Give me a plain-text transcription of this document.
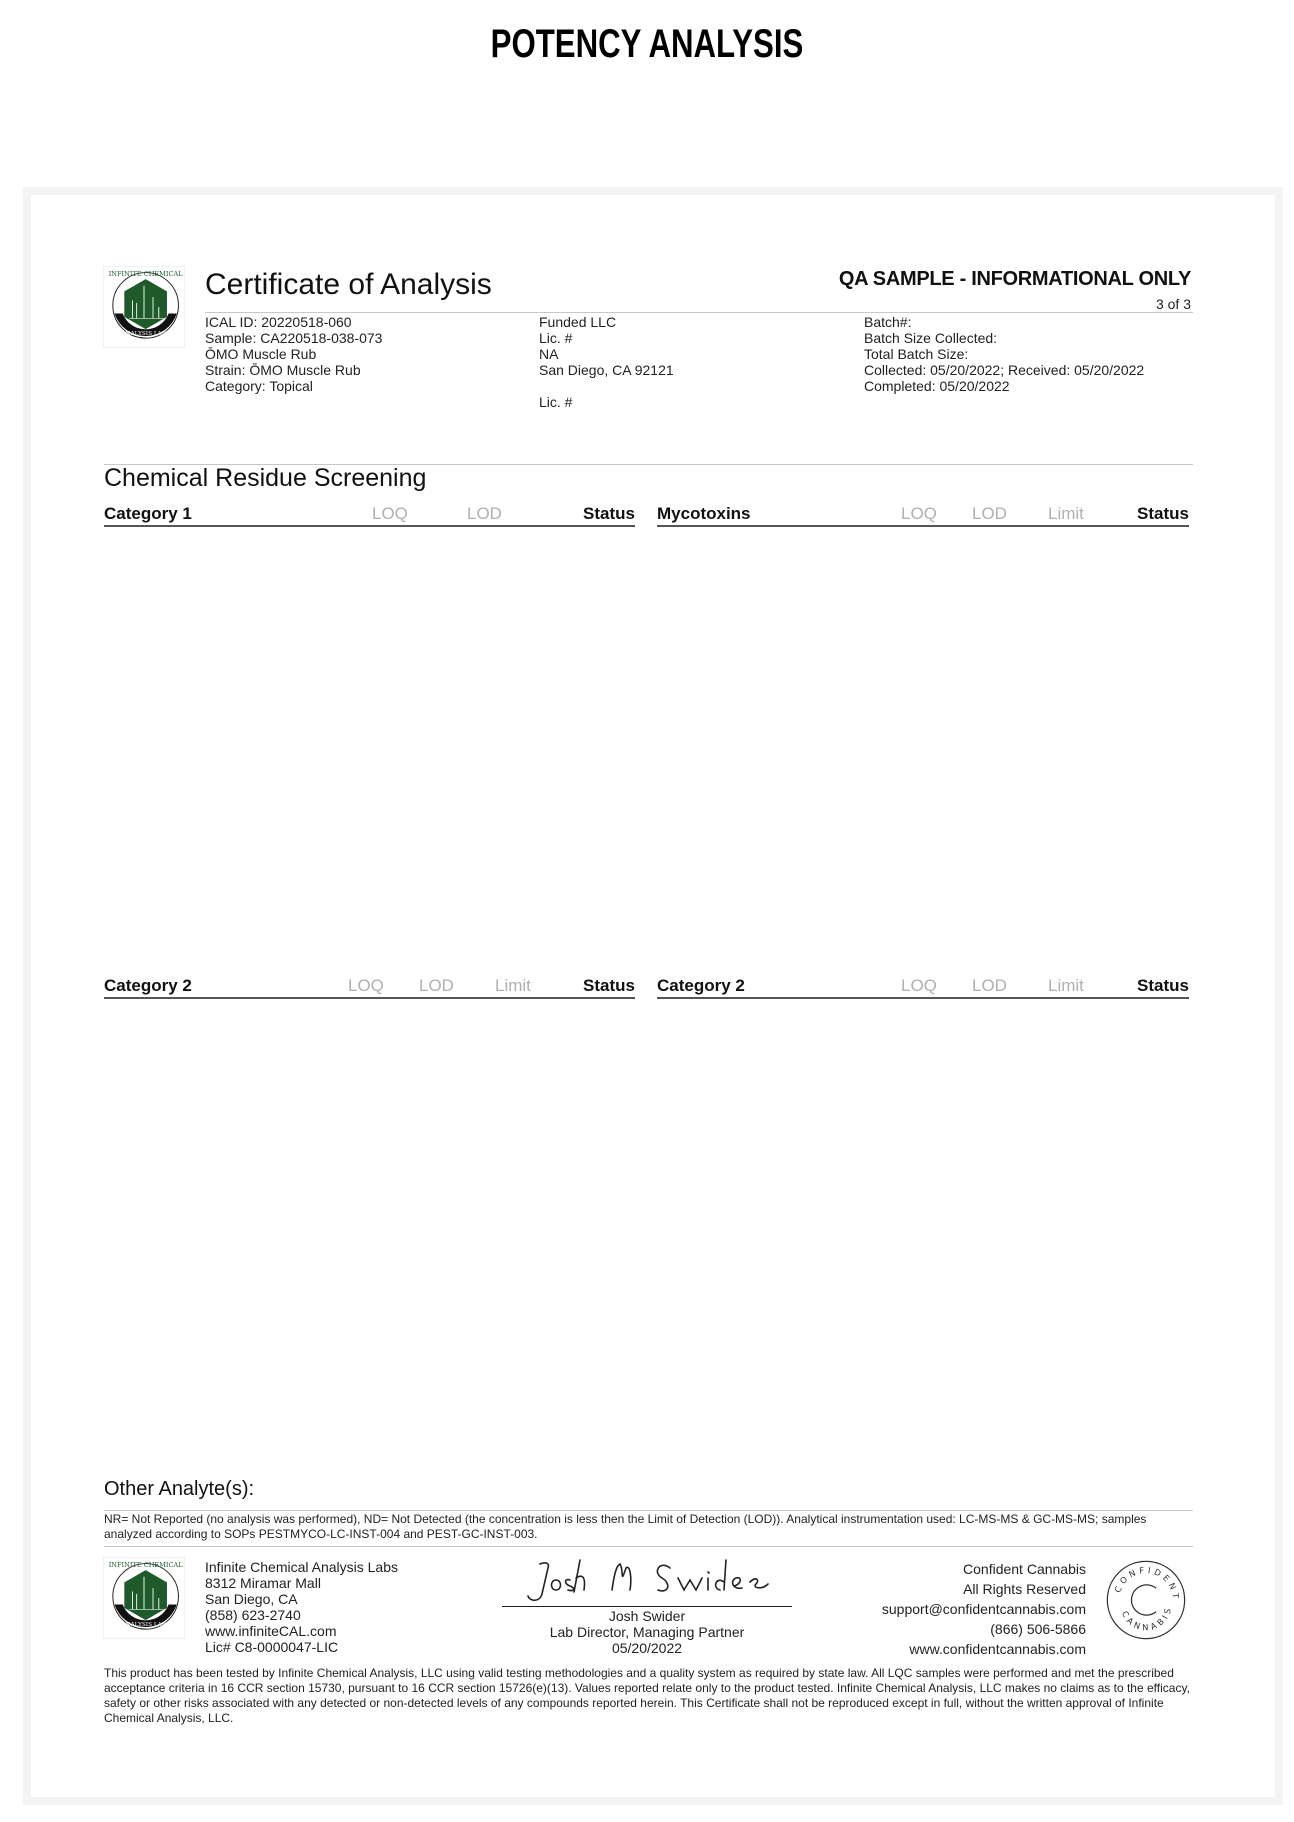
POTENCY ANALYSIS
INFINITE CHEMICAL
ANALYSIS LABS
Certificate of Analysis	QA SAMPLE - INFORMATIONAL ONLY
3 of 3
ICAL ID: 20220518-060
Sample: CA220518-038-073
ŌMO Muscle Rub
Strain: ŌMO Muscle Rub
Category: Topical
Funded LLC
Lic. #
NA
San Diego, CA 92121
Lic. #
Batch#:
Batch Size Collected:
Total Batch Size:
Collected: 05/20/2022; Received: 05/20/2022
Completed: 05/20/2022
Chemical Residue Screening
Category 1	LOQ	LOD	Status Mycotoxins	LOQ LOD Limit	Status
Category 2	LOQ LOD Limit	Status Category 2	LOQ LOD Limit	Status
Other Analyte(s):
NR= Not Reported (no analysis was performed), ND= Not Detected (the concentration is less then the Limit of Detection (LOD)). Analytical instrumentation used: LC-MS-MS & GC-MS-MS; samples analyzed according to SOPs PESTMYCO-LC-INST-004 and PEST-GC-INST-003.
INFINITE CHEMICAL
ANALYSIS LABS
Infinite Chemical Analysis Labs
8312 Miramar Mall
San Diego, CA
(858) 623-2740
www.infiniteCAL.com
Lic# C8-0000047-LIC
Josh Swider
Lab Director, Managing Partner
05/20/2022
Confident Cannabis
All Rights Reserved
support@confidentcannabis.com
(866) 506-5866
www.confidentcannabis.com
CONFIDENT
CANNABIS
This product has been tested by Infinite Chemical Analysis, LLC using valid testing methodologies and a quality system as required by state law. All LQC samples were performed and met the prescribed acceptance criteria in 16 CCR section 15730, pursuant to 16 CCR section 15726(e)(13). Values reported relate only to the product tested. Infinite Chemical Analysis, LLC makes no claims as to the efficacy, safety or other risks associated with any detected or non-detected levels of any compounds reported herein. This Certificate shall not be reproduced except in full, without the written approval of Infinite Chemical Analysis, LLC.
